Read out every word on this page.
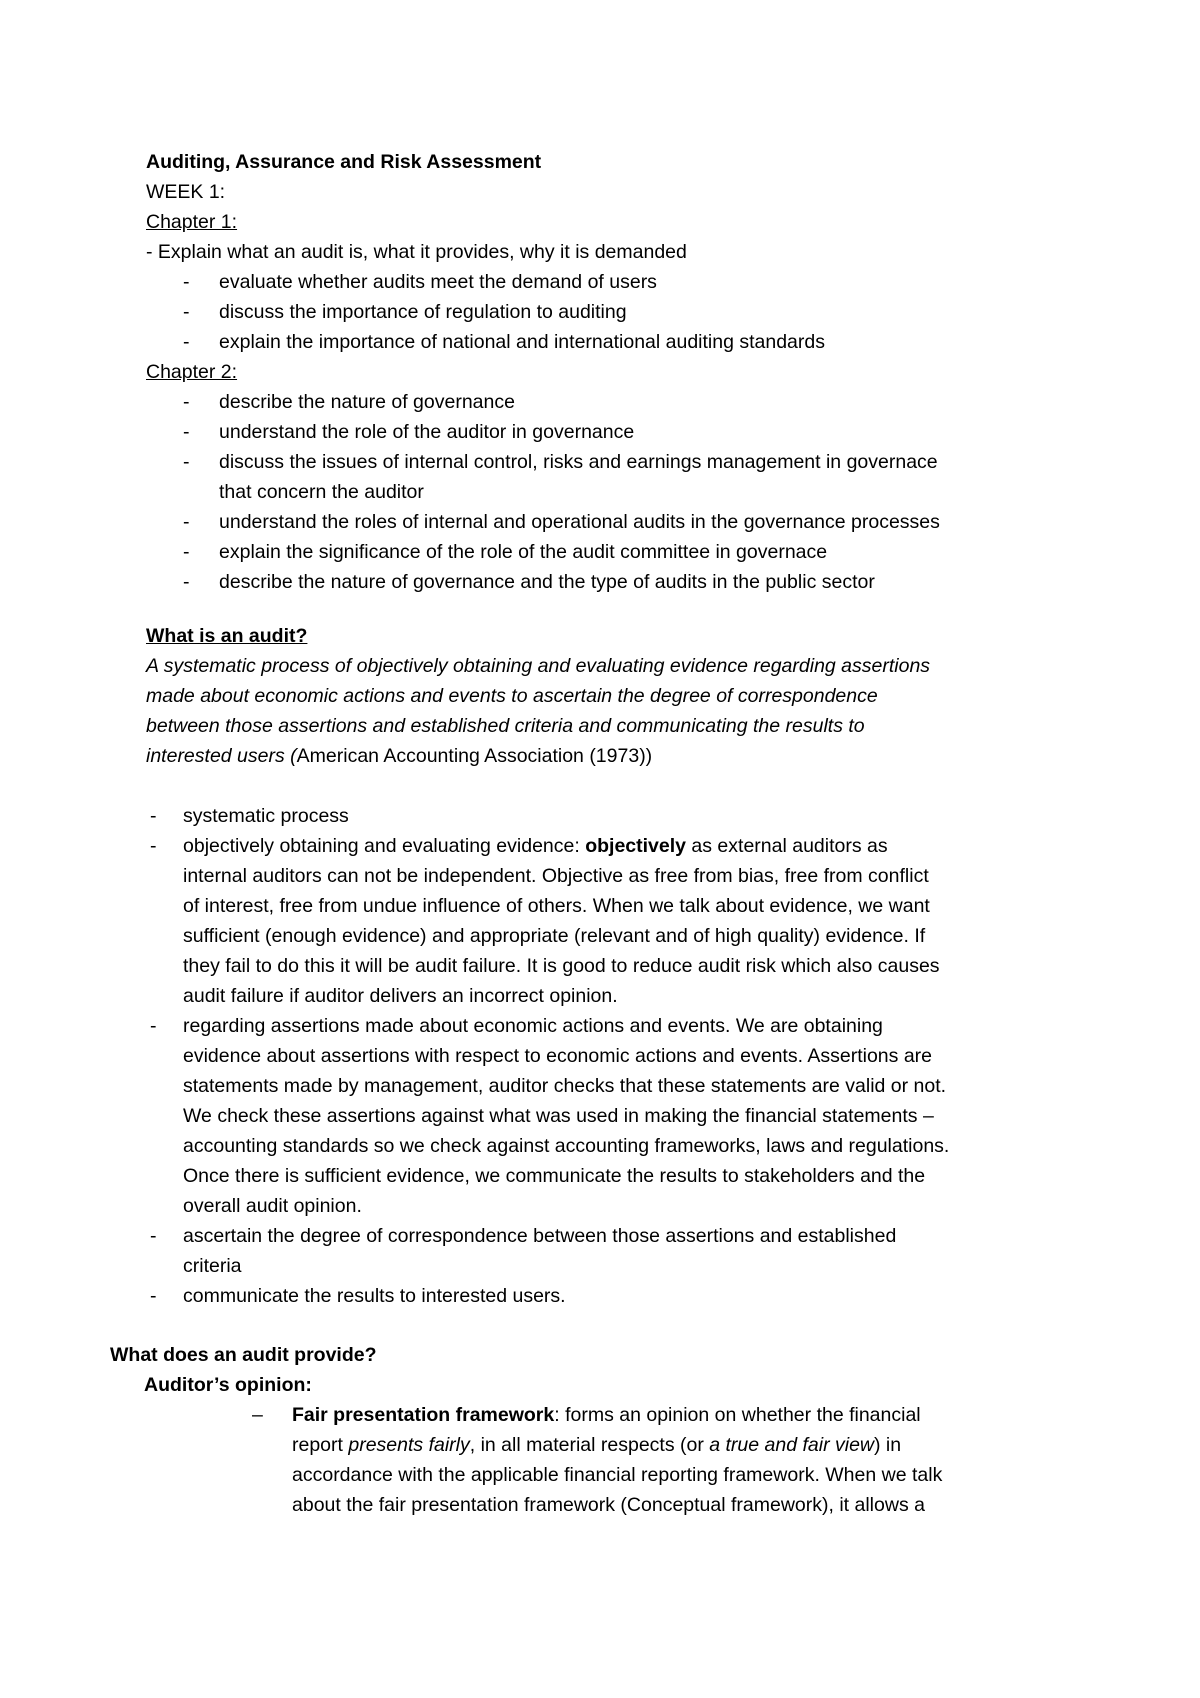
Auditing, Assurance and Risk Assessment
WEEK 1:
Chapter 1:
- Explain what an audit is, what it provides, why it is demanded
- evaluate whether audits meet the demand of users
- discuss the importance of regulation to auditing
- explain the importance of national and international auditing standards
Chapter 2:
- describe the nature of governance
- understand the role of the auditor in governance
- discuss the issues of internal control, risks and earnings management in governace
that concern the auditor
- understand the roles of internal and operational audits in the governance processes
- explain the significance of the role of the audit committee in governace
- describe the nature of governance and the type of audits in the public sector
What is an audit?
A systematic process of objectively obtaining and evaluating evidence regarding assertions
made about economic actions and events to ascertain the degree of correspondence
between those assertions and established criteria and communicating the results to
interested users (American Accounting Association (1973))
- systematic process
- objectively obtaining and evaluating evidence: objectively as external auditors as
internal auditors can not be independent. Objective as free from bias, free from conflict
of interest, free from undue influence of others. When we talk about evidence, we want
sufficient (enough evidence) and appropriate (relevant and of high quality) evidence. If
they fail to do this it will be audit failure. It is good to reduce audit risk which also causes
audit failure if auditor delivers an incorrect opinion.
- regarding assertions made about economic actions and events. We are obtaining
evidence about assertions with respect to economic actions and events. Assertions are
statements made by management, auditor checks that these statements are valid or not.
We check these assertions against what was used in making the financial statements –
accounting standards so we check against accounting frameworks, laws and regulations.
Once there is sufficient evidence, we communicate the results to stakeholders and the
overall audit opinion.
- ascertain the degree of correspondence between those assertions and established
criteria
- communicate the results to interested users.
What does an audit provide?
Auditor’s opinion:
– Fair presentation framework: forms an opinion on whether the financial
report presents fairly, in all material respects (or a true and fair view) in
accordance with the applicable financial reporting framework. When we talk
about the fair presentation framework (Conceptual framework), it allows a
